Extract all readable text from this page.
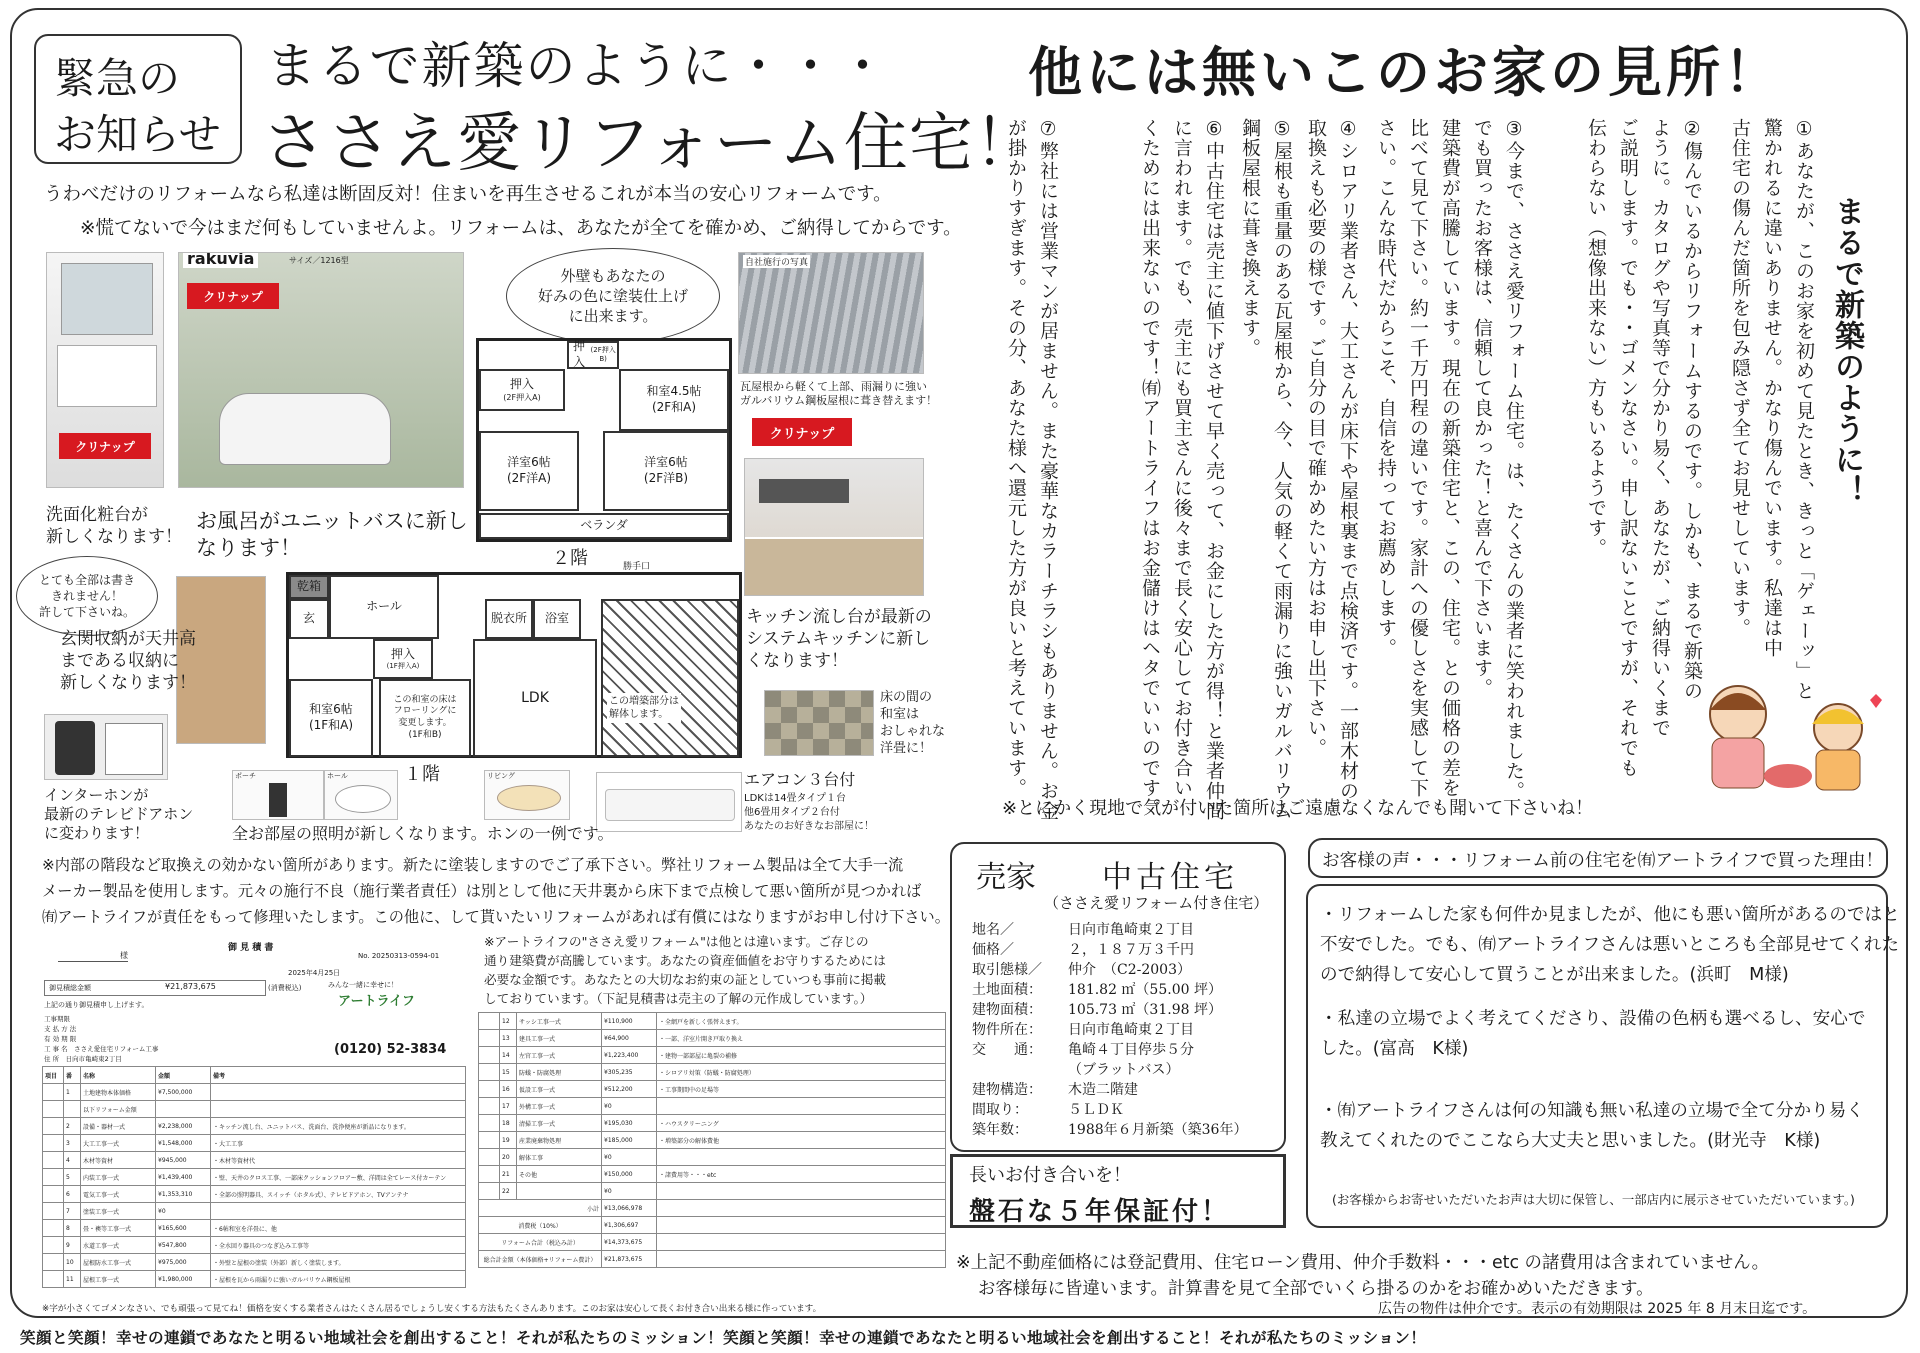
緊急の
お知らせ
まるで新築のように・・・
ささえ愛リフォーム住宅！
他には無いこのお家の見所！
うわべだけのリフォームなら私達は断固反対！住まいを再生させるこれが本当の安心リフォームです。
※慌てないで今はまだ何もしていませんよ。リフォームは、あなたが全てを確かめ、ご納得してからです。
クリナップ
rakuvia	サイズ／1216型
クリナップ
洗面化粧台が
新しくなります！
お風呂がユニットバスに新し
なります！
外壁もあなたの
好みの色に塗装仕上げ
に出来ます。
押入
(2F押入B)
押入
(2F押入A)	和室4.5帖
(2F和A)
洋室6帖
(2F洋A)
洋室6帖
(2F洋B)
ベランダ
２階
自社施行の写真
瓦屋根から軽くて上部、雨漏りに強い
ガルバリウム鋼板屋根に葺き替えます！
クリナップ
キッチン流し台が最新の
システムキッチンに新し
くなります！
とても全部は書き
きれません！
許して下さいね。
玄関収納が天井高
まである収納に
新しくなります！
乾箱
玄
ホール
脱衣所 浴室
押入
(1F押入A)
和室6帖
(1F和A)
この和室の床は
フローリングに
変更します。
(1F和B)
LDK	この増築部分は
解体します。
勝手口
１階
床の間の
和室は
おしゃれな
洋畳に！
インターホンが
最新のテレビドアホン
に変わります！
ポーチ	ホール	リビング
全お部屋の照明が新しくなります。ホンの一例です。
エアコン３台付
LDKは14畳タイプ１台
他6畳用タイプ２台付
あなたのお好きなお部屋に！
まるで新築のように！
①あなたが、このお家を初めて見たとき、きっと「ゲェーッ」と
驚かれるに違いありません。かなり傷んでいます。私達は中
古住宅の傷んだ箇所を包み隠さず全てお見せしています。
②傷んでいるからリフォームするのです。しかも、まるで新築の
ように。カタログや写真等で分かり易く、あなたが、ご納得いくまで
ご説明します。でも・・ゴメンなさい。申し訳ないことですが、それでも
伝わらない（想像出来ない）方もいるようです。
③今まで、ささえ愛リフォーム住宅。は、たくさんの業者に笑われました。
でも買ったお客様は、信頼して良かった！と喜んで下さいます。
建築費が高騰しています。現在の新築住宅と、この、住宅。との価格の差を
比べて見て下さい。約一千万円程の違いです。家計への優しさを実感して下
さい。こんな時代だからこそ、自信を持ってお薦めします。
④シロアリ業者さん、大工さんが床下や屋根裏まで点検済です。一部木材の
取換えも必要の様です。ご自分の目で確かめたい方はお申し出下さい。
⑤屋根も重量のある瓦屋根から、今、人気の軽くて雨漏りに強いガルバリウム
鋼板屋根に葺き換えます。
⑥中古住宅は売主に値下げさせて早く売って、お金にした方が得！と業者仲間
に言われます。でも、売主にも買主さんに後々まで長く安心してお付き合い
くためには出来ないのです！㈲アートライフはお金儲けはヘタでいいのです。
⑦弊社には営業マンが居ません。また豪華なカラーチラシもありません。お金
が掛かりすぎます。その分、あなた様へ還元した方が良いと考えています。
※とにかく現地で気が付いた箇所はご遠慮なくなんでも聞いて下さいね！
※内部の階段など取換えの効かない箇所があります。新たに塗装しますのでご了承下さい。弊社リフォーム製品は全て大手一流
メーカー製品を使用します。元々の施行不良（施行業者責任）は別として他に天井裏から床下まで点検して悪い箇所が見つかれば
㈲アートライフが責任をもって修理いたします。この他に、して貰いたいリフォームがあれば有償にはなりますがお申し付け下さい。
御 見 積 書
様	No. 20250313-0594-01
2025年4月25日
御見積総金額	¥21,873,675	(消費税込)	みんな一緒に幸せに！
アートライフ
上記の通り御見積申し上げます。
工事期限
支 払 方 法
有 効 期 限
工 事 名　 ささえ愛住宅リフォーム工事
住 所　 日向市亀崎東2丁目
(0120) 52-3834
項目	番	名称	金額	備考
	1	土地建物本体価格	¥7,500,000	
		以下リフォーム金額		
	2	設備・器材一式	¥2,238,000	・キッチン流し台、ユニットバス、洗面台、洗浄便座が新品になります。
	3	大工工事一式	¥1,548,000	・大工工事
	4	木材等資材	¥945,000	・木材等資材代
	5	内装工事一式	¥1,439,400	・壁、天井のクロス工事、一部床クッションフロアー敷、洋間は全てレース付カーテン
	6	電気工事一式	¥1,353,310	・全部の照明器具、スイッチ（ホタル式）、テレビドアホン、TVアンテナ
	7	塗装工事一式	¥0	
	8	畳・襖等工事一式	¥165,600	・6帖和室を洋畳に、他
	9	水道工事一式	¥547,800	・全水回り器具のつなぎ込み工事等
	10	屋根防水工事一式	¥975,000	・外壁と屋根の塗装（外部）新しく塗装します。
	11	屋根工事一式	¥1,980,000	・屋根を瓦から雨漏りに強いガルバリウム鋼板屋根
※アートライフの"ささえ愛リフォーム"は他とは違います。ご存じの
通り建築費が高騰しています。あなたの資産価値をお守りするためには
必要な金額です。あなたとの大切なお約束の証としていつも事前に掲載
しておりています。（下記見積書は売主の了解の元作成しています。）
	12	サッシ工事一式	¥110,900	・全網戸を新しく張替えます。
	13	建具工事一式	¥64,900	・一部、洋室片開き戸取り換え
	14	左官工事一式	¥1,223,400	・建物一部部屋に亀裂の補修
	15	防蟻・防腐処理	¥305,235	・シロアリ対策（防蟻・防腐処理）
	16	仮設工事一式	¥512,200	・工事期間中の足場等
	17	外構工事一式	¥0	
	18	清掃工事一式	¥195,030	・ハウスクリーニング
	19	産業廃棄物処理	¥185,000	・増築部分の解体費他
	20	解体工事	¥0	
	21	その他	¥150,000	・諸費用等・・・etc
	22		¥0	
小計			¥13,066,978	
消費税（10%）			¥1,306,697	
リフォーム合計（税込み計）			¥14,373,675	
総合計金額（本体価格+リフォーム費計）			¥21,873,675	
※字が小さくてゴメンなさい、でも頑張って見てね！価格を安くする業者さんはたくさん居るでしょうし安くする方法もたくさんあります。このお家は安心して長くお付き合い出来る様に作っています。
売家 中古住宅
（ささえ愛リフォーム付き住宅）
地名／	日向市亀崎東２丁目
価格／	２，１８７万３千円
取引態様／ 仲介　（C2-2003）
土地面積： 181.82 ㎡（55.00 坪）
建物面積： 105.73 ㎡（31.98 坪）
物件所在： 日向市亀崎東２丁目
交　　通：	亀崎４丁目停歩５分
（ブラットバス）
建物構造： 木造二階建
間取り：	５ＬＤＫ
築年数：	1988年６月新築（築36年）
長いお付き合いを！
盤石な５年保証付！
お客様の声・・・リフォーム前の住宅を㈲アートライフで買った理由！
・リフォームした家も何件か見ましたが、他にも悪い箇所があるのではと
不安でした。でも、㈲アートライフさんは悪いところも全部見せてくれた
ので納得して安心して買うことが出来ました。(浜町　M様)
・私達の立場でよく考えてくださり、設備の色柄も選べるし、安心で
した。(富高　K様)
・㈲アートライフさんは何の知識も無い私達の立場で全て分かり易く
教えてくれたのでここなら大丈夫と思いました。(財光寺　K様)
(お客様からお寄せいただいたお声は大切に保管し、一部店内に展示させていただいています。)
※上記不動産価格には登記費用、住宅ローン費用、仲介手数料・・・etc の諸費用は含まれていません。
お客様毎に皆違います。計算書を見て全部でいくら掛るのかをお確かめいただきます。
広告の物件は仲介です。表示の有効期限は 2025 年 8 月末日迄です。
笑顔と笑顔！幸せの連鎖であなたと明るい地域社会を創出すること！それが私たちのミッション！笑顔と笑顔！幸せの連鎖であなたと明るい地域社会を創出すること！それが私たちのミッション！
